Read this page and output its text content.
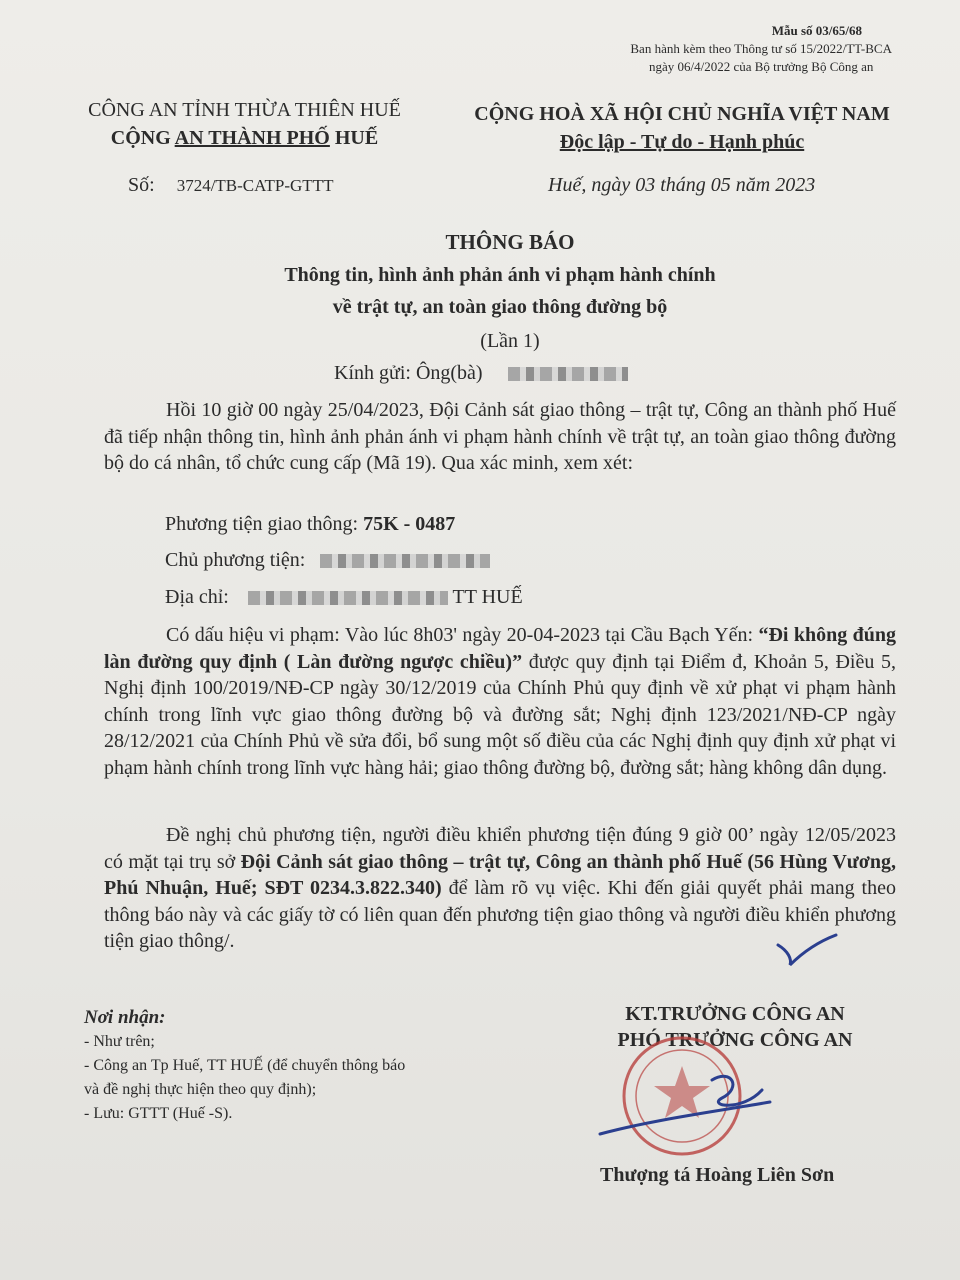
Mẫu số 03/65/68
Ban hành kèm theo Thông tư số 15/2022/TT-BCA
ngày 06/4/2022 của Bộ trưởng Bộ Công an
CÔNG AN TỈNH THỪA THIÊN HUẾ
CỘNG AN THÀNH PHỐ HUẾ
CỘNG HOÀ XÃ HỘI CHỦ NGHĨA VIỆT NAM
Độc lập - Tự do - Hạnh phúc
Số: 3724/TB-CATP-GTTT	Huế, ngày 03 tháng 05 năm 2023
THÔNG BÁO
Thông tin, hình ảnh phản ánh vi phạm hành chính
về trật tự, an toàn giao thông đường bộ
(Lần 1)
Kính gửi: Ông(bà)
Hồi 10 giờ 00 ngày 25/04/2023, Đội Cảnh sát giao thông – trật tự, Công an thành phố Huế đã tiếp nhận thông tin, hình ảnh phản ánh vi phạm hành chính về trật tự, an toàn giao thông đường bộ do cá nhân, tổ chức cung cấp (Mã 19). Qua xác minh, xem xét:
Phương tiện giao thông: 75K - 0487
Chủ phương tiện:
Địa chỉ:	TT HUẾ
Có dấu hiệu vi phạm: Vào lúc 8h03' ngày 20-04-2023 tại Cầu Bạch Yến: “Đi không đúng làn đường quy định ( Làn đường ngược chiều)” được quy định tại Điểm đ, Khoản 5, Điều 5, Nghị định 100/2019/NĐ-CP ngày 30/12/2019 của Chính Phủ quy định về xử phạt vi phạm hành chính trong lĩnh vực giao thông đường bộ và đường sắt; Nghị định 123/2021/NĐ-CP ngày 28/12/2021 của Chính Phủ về sửa đổi, bổ sung một số điều của các Nghị định quy định xử phạt vi phạm hành chính trong lĩnh vực hàng hải; giao thông đường bộ, đường sắt; hàng không dân dụng.
Đề nghị chủ phương tiện, người điều khiển phương tiện đúng 9 giờ 00’ ngày 12/05/2023 có mặt tại trụ sở Đội Cảnh sát giao thông – trật tự, Công an thành phố Huế (56 Hùng Vương, Phú Nhuận, Huế; SĐT 0234.3.822.340) để làm rõ vụ việc. Khi đến giải quyết phải mang theo thông báo này và các giấy tờ có liên quan đến phương tiện giao thông và người điều khiển phương tiện giao thông/.
Nơi nhận:
- Như trên;
- Công an Tp Huế, TT HUẾ (để chuyển thông báo
và đề nghị thực hiện theo quy định);
- Lưu: GTTT (Huế -S).
KT.TRƯỞNG CÔNG AN
PHÓ TRƯỞNG CÔNG AN
Thượng tá Hoàng Liên Sơn
